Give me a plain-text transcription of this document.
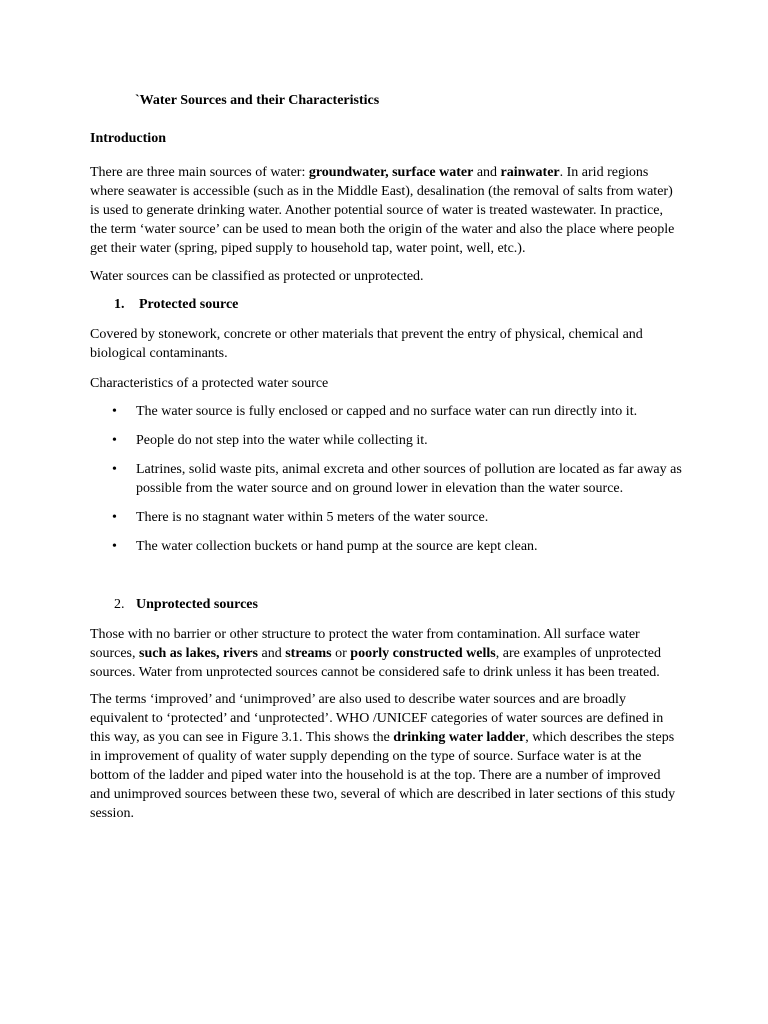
`Water Sources and their Characteristics
Introduction

There are three main sources of water: groundwater, surface water and rainwater. In arid regions where seawater is accessible (such as in the Middle East), desalination (the removal of salts from water) is used to generate drinking water. Another potential source of water is treated wastewater. In practice, the term ‘water source’ can be used to mean both the origin of the water and also the place where people get their water (spring, piped supply to household tap, water point, well, etc.).

Water sources can be classified as protected or unprotected.

1. Protected source

Covered by stonework, concrete or other materials that prevent the entry of physical, chemical and biological contaminants.

Characteristics of a protected water source

• The water source is fully enclosed or capped and no surface water can run directly into it.
• People do not step into the water while collecting it.
• Latrines, solid waste pits, animal excreta and other sources of pollution are located as far away as possible from the water source and on ground lower in elevation than the water source.
• There is no stagnant water within 5 meters of the water source.
• The water collection buckets or hand pump at the source are kept clean.
2. Unprotected sources

Those with no barrier or other structure to protect the water from contamination. All surface water sources, such as lakes, rivers and streams or poorly constructed wells, are examples of unprotected sources. Water from unprotected sources cannot be considered safe to drink unless it has been treated.

The terms ‘improved’ and ‘unimproved’ are also used to describe water sources and are broadly equivalent to ‘protected’ and ‘unprotected’. WHO /UNICEF categories of water sources are defined in this way, as you can see in Figure 3.1. This shows the drinking water ladder, which describes the steps in improvement of quality of water supply depending on the type of source. Surface water is at the bottom of the ladder and piped water into the household is at the top. There are a number of improved and unimproved sources between these two, several of which are described in later sections of this study session.
